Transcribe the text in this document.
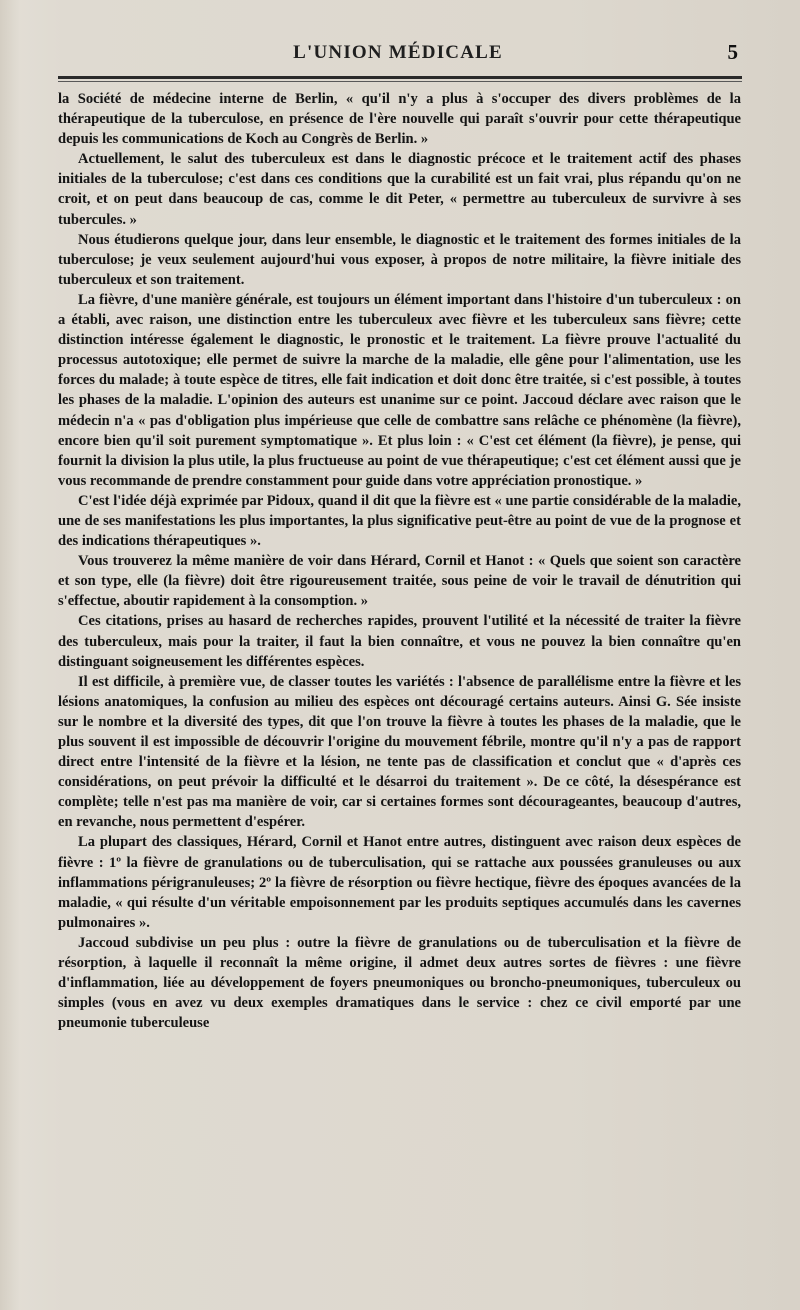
L'UNION MÉDICALE	5

la Société de médecine interne de Berlin, « qu'il n'y a plus à s'occuper des divers problèmes de la thérapeutique de la tuberculose, en présence de l'ère nouvelle qui paraît s'ouvrir pour cette thérapeutique depuis les communications de Koch au Congrès de Berlin. »

Actuellement, le salut des tuberculeux est dans le diagnostic précoce et le traitement actif des phases initiales de la tuberculose; c'est dans ces conditions que la curabilité est un fait vrai, plus répandu qu'on ne croit, et on peut dans beaucoup de cas, comme le dit Peter, « permettre au tuberculeux de survivre à ses tubercules. »

Nous étudierons quelque jour, dans leur ensemble, le diagnostic et le traitement des formes initiales de la tuberculose; je veux seulement aujourd'hui vous exposer, à propos de notre militaire, la fièvre initiale des tuberculeux et son traitement.

La fièvre, d'une manière générale, est toujours un élément important dans l'histoire d'un tuberculeux : on a établi, avec raison, une distinction entre les tuberculeux avec fièvre et les tuberculeux sans fièvre; cette distinction intéresse également le diagnostic, le pronostic et le traitement. La fièvre prouve l'actualité du processus autotoxique; elle permet de suivre la marche de la maladie, elle gêne pour l'alimentation, use les forces du malade; à toute espèce de titres, elle fait indication et doit donc être traitée, si c'est possible, à toutes les phases de la maladie. L'opinion des auteurs est unanime sur ce point. Jaccoud déclare avec raison que le médecin n'a « pas d'obligation plus impérieuse que celle de combattre sans relâche ce phénomène (la fièvre), encore bien qu'il soit purement symptomatique ». Et plus loin : « C'est cet élément (la fièvre), je pense, qui fournit la division la plus utile, la plus fructueuse au point de vue thérapeutique; c'est cet élément aussi que je vous recommande de prendre constamment pour guide dans votre appréciation pronostique. »

C'est l'idée déjà exprimée par Pidoux, quand il dit que la fièvre est « une partie considérable de la maladie, une de ses manifestations les plus importantes, la plus significative peut-être au point de vue de la prognose et des indications thérapeutiques ».

Vous trouverez la même manière de voir dans Hérard, Cornil et Hanot : « Quels que soient son caractère et son type, elle (la fièvre) doit être rigoureusement traitée, sous peine de voir le travail de dénutrition qui s'effectue, aboutir rapidement à la consomption. »

Ces citations, prises au hasard de recherches rapides, prouvent l'utilité et la nécessité de traiter la fièvre des tuberculeux, mais pour la traiter, il faut la bien connaître, et vous ne pouvez la bien connaître qu'en distinguant soigneusement les différentes espèces.

Il est difficile, à première vue, de classer toutes les variétés : l'absence de parallélisme entre la fièvre et les lésions anatomiques, la confusion au milieu des espèces ont découragé certains auteurs. Ainsi G. Sée insiste sur le nombre et la diversité des types, dit que l'on trouve la fièvre à toutes les phases de la maladie, que le plus souvent il est impossible de découvrir l'origine du mouvement fébrile, montre qu'il n'y a pas de rapport direct entre l'intensité de la fièvre et la lésion, ne tente pas de classification et conclut que « d'après ces considérations, on peut prévoir la difficulté et le désarroi du traitement ». De ce côté, la désespérance est complète; telle n'est pas ma manière de voir, car si certaines formes sont décourageantes, beaucoup d'autres, en revanche, nous permettent d'espérer.

La plupart des classiques, Hérard, Cornil et Hanot entre autres, distinguent avec raison deux espèces de fièvre : 1º la fièvre de granulations ou de tuberculisation, qui se rattache aux poussées granuleuses ou aux inflammations périgranuleuses; 2º la fièvre de résorption ou fièvre hectique, fièvre des époques avancées de la maladie, « qui résulte d'un véritable empoisonnement par les produits septiques accumulés dans les cavernes pulmonaires ».

Jaccoud subdivise un peu plus : outre la fièvre de granulations ou de tuberculisation et la fièvre de résorption, à laquelle il reconnaît la même origine, il admet deux autres sortes de fièvres : une fièvre d'inflammation, liée au développement de foyers pneumoniques ou broncho-pneumoniques, tuberculeux ou simples (vous en avez vu deux exemples dramatiques dans le service : chez ce civil emporté par une pneumonie tuberculeuse
